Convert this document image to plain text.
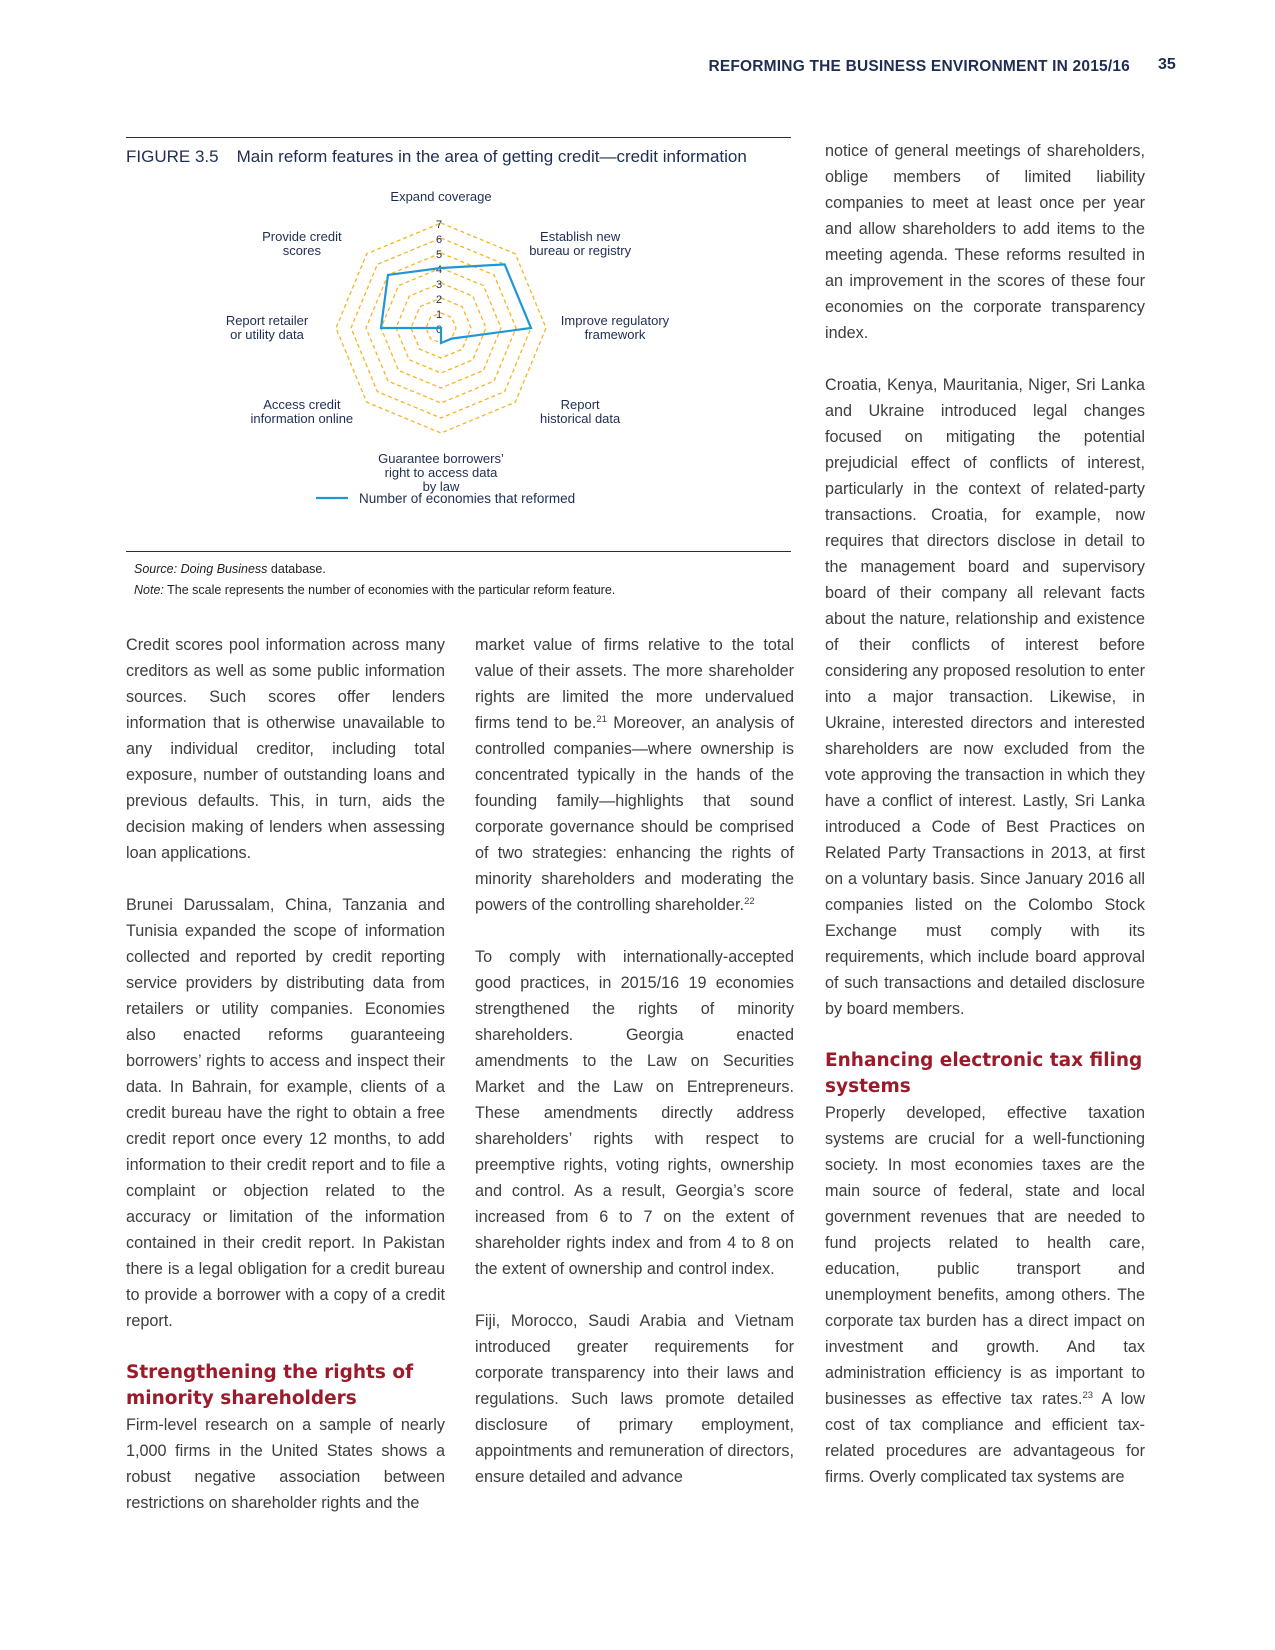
REFORMING THE BUSINESS ENVIRONMENT IN 2015/16 35
FIGURE 3.5 Main reform features in the area of getting credit—credit information
0
1
2
3
4
5
6
7
Expand coverage
Establish new bureau or registry
Improve regulatory framework
Report historical data
Guarantee borrowers’ right to access data by law
Access credit information online
Report retailer or utility data
Provide credit scores
Number of economies that reformed
Source: Doing Business database.
Note: The scale represents the number of economies with the particular reform feature.

Credit scores pool information across many creditors as well as some public information sources. Such scores offer lenders information that is otherwise unavailable to any individual creditor, including total exposure, number of outstanding loans and previous defaults. This, in turn, aids the decision making of lenders when assessing loan applications.

Brunei Darussalam, China, Tanzania and Tunisia expanded the scope of information collected and reported by credit reporting service providers by distributing data from retailers or utility companies. Economies also enacted reforms guaranteeing borrowers’ rights to access and inspect their data. In Bahrain, for example, clients of a credit bureau have the right to obtain a free credit report once every 12 months, to add information to their credit report and to file a complaint or objection related to the accuracy or limitation of the information contained in their credit report. In Pakistan there is a legal obligation for a credit bureau to provide a borrower with a copy of a credit report.

Strengthening the rights of minority shareholders

Firm-level research on a sample of nearly 1,000 firms in the United States shows a robust negative association between restrictions on shareholder rights and the

market value of firms relative to the total value of their assets. The more shareholder rights are limited the more undervalued firms tend to be.$^{21}$ Moreover, an analysis of controlled companies—where ownership is concentrated typically in the hands of the founding family—highlights that sound corporate governance should be comprised of two strategies: enhancing the rights of minority shareholders and moderating the powers of the controlling shareholder.$^{22}$

To comply with internationally-accepted good practices, in 2015/16 19 economies strengthened the rights of minority shareholders. Georgia enacted amendments to the Law on Securities Market and the Law on Entrepreneurs. These amendments directly address shareholders’ rights with respect to preemptive rights, voting rights, ownership and control. As a result, Georgia’s score increased from 6 to 7 on the extent of shareholder rights index and from 4 to 8 on the extent of ownership and control index.

Fiji, Morocco, Saudi Arabia and Vietnam introduced greater requirements for corporate transparency into their laws and regulations. Such laws promote detailed disclosure of primary employment, appointments and remuneration of directors, ensure detailed and advance

notice of general meetings of shareholders, oblige members of limited liability companies to meet at least once per year and allow shareholders to add items to the meeting agenda. These reforms resulted in an improvement in the scores of these four economies on the corporate transparency index.

Croatia, Kenya, Mauritania, Niger, Sri Lanka and Ukraine introduced legal changes focused on mitigating the potential prejudicial effect of conflicts of interest, particularly in the context of related-party transactions. Croatia, for example, now requires that directors disclose in detail to the management board and supervisory board of their company all relevant facts about the nature, relationship and existence of their conflicts of interest before considering any proposed resolution to enter into a major transaction. Likewise, in Ukraine, interested directors and interested shareholders are now excluded from the vote approving the transaction in which they have a conflict of interest. Lastly, Sri Lanka introduced a Code of Best Practices on Related Party Transactions in 2013, at first on a voluntary basis. Since January 2016 all companies listed on the Colombo Stock Exchange must comply with its requirements, which include board approval of such transactions and detailed disclosure by board members.

Enhancing electronic tax filing systems

Properly developed, effective taxation systems are crucial for a well-functioning society. In most economies taxes are the main source of federal, state and local government revenues that are needed to fund projects related to health care, education, public transport and unemployment benefits, among others. The corporate tax burden has a direct impact on investment and growth. And tax administration efficiency is as important to businesses as effective tax rates.$^{23}$ A low cost of tax compliance and efficient tax-related procedures are advantageous for firms. Overly complicated tax systems are
